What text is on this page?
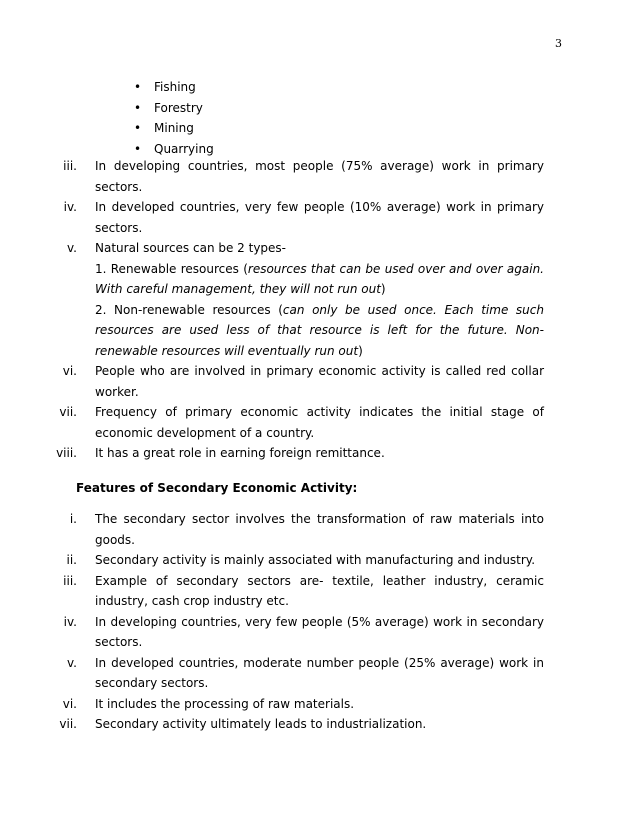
3
• Fishing
• Forestry
• Mining
• Quarrying
iii.	In developing countries, most people (75% average) work in primary sectors.
iv.	In developed countries, very few people (10% average) work in primary sectors.
v.	Natural sources can be 2 types-
1. Renewable resources (resources that can be used over and over again. With careful management, they will not run out)
2. Non-renewable resources (can only be used once. Each time such resources are used less of that resource is left for the future. Non-renewable resources will eventually run out)
vi.	People who are involved in primary economic activity is called red collar worker.
vii.	Frequency of primary economic activity indicates the initial stage of economic development of a country.
viii.	It has a great role in earning foreign remittance.
Features of Secondary Economic Activity:
i.	The secondary sector involves the transformation of raw materials into goods.
ii.	Secondary activity is mainly associated with manufacturing and industry.
iii.	Example of secondary sectors are- textile, leather industry, ceramic industry, cash crop industry etc.
iv.	In developing countries, very few people (5% average) work in secondary sectors.
v.	In developed countries, moderate number people (25% average) work in secondary sectors.
vi.	It includes the processing of raw materials.
vii.	Secondary activity ultimately leads to industrialization.
